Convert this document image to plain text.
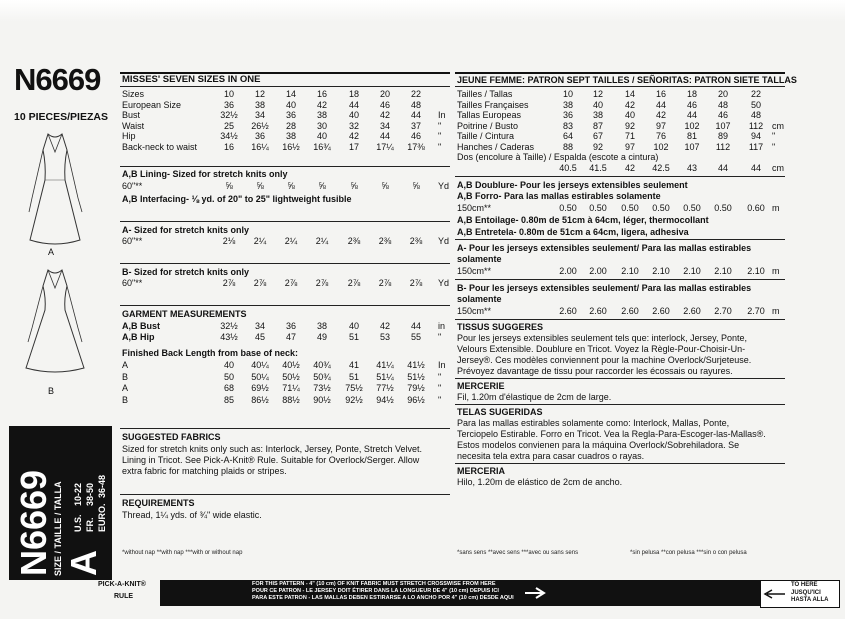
N6669
10 PIECES/PIEZAS
A
B
MISSES' SEVEN SIZES IN ONE
Sizes	10 12 14 16 18 20 22
European Size	36 38 40 42 44 46 48
Bust	32½ 34 36 38 40 42 44 In
Waist	25 26½ 28 30 32 34 37 "
Hip	34½ 36 38 40 42 44 46 "
Back-neck to waist	16 16¼ 16½ 16¾ 17 17¼ 17⅜ "
A,B Lining- Sized for stretch knits only
60"**	⅝	⅝	⅝	⅝	⅝	⅝	⅝ Yd
A,B Interfacing- ⅛ yd. of 20" to 25" lightweight fusible
A- Sized for stretch knits only
60"**	2⅛ 2¼ 2¼ 2¼ 2⅜ 2⅜ 2⅜ Yd
B- Sized for stretch knits only
60"**	2⅞ 2⅞ 2⅞ 2⅞ 2⅞ 2⅞ 2⅞ Yd
GARMENT MEASUREMENTS
A,B Bust	32½ 34 36 38 40 42 44 in
A,B Hip	43½ 45 47 49 51 53 55 "
Finished Back Length from base of neck:
A	40 40¼ 40½ 40¾ 41 41¼ 41½ In
B	50 50¼ 50½ 50¾ 51 51¼ 51½ "
A	68 69½ 71¼ 73½ 75½ 77½ 79½ "
B	85 86½ 88½ 90½ 92½ 94½ 96½ "
SUGGESTED FABRICS
Sized for stretch knits only such as: Interlock, Jersey, Ponte, Stretch Velvet.
Lining in Tricot. See Pick-A-Knit® Rule. Suitable for Overlock/Serger. Allow
extra fabric for matching plaids or stripes.
REQUIREMENTS
Thread, 1¼ yds. of ¾" wide elastic.
JEUNE FEMME: PATRON SEPT TAILLES / SEÑORITAS: PATRON SIETE TALLAS
Tailles / Tallas	10 12 14 16 18 20	22
Tailles Françaises	38 40 42 44 46 48	50
Tallas Europeas	36 38 40 42 44 46	48
Poitrine / Busto	83 87 92 97 102 107 112 cm
Taille / Cintura	64 67 71 76 81 89	94 "
Hanches / Caderas	88 92 97 102 107 112 117 "
Dos (encolure à Taille) / Espalda (escote a cintura)
40.5 41.5 42 42.5 43 44	44 cm
A,B Doublure- Pour les jerseys extensibles seulement
A,B Forro- Para las mallas estirables solamente
150cm**	0.50 0.50 0.50 0.50 0.50 0.50 0.60 m
A,B Entoilage- 0.80m de 51cm à 64cm, léger, thermocollant
A,B Entretela- 0.80m de 51cm a 64cm, ligera, adhesiva
A- Pour les jerseys extensibles seulement/ Para las mallas estirables
solamente
150cm**	2.00 2.00 2.10 2.10 2.10 2.10 2.10 m
B- Pour les jerseys extensibles seulement/ Para las mallas estirables
solamente
150cm**	2.60 2.60 2.60 2.60 2.60 2.70 2.70 m
TISSUS SUGGERES
Pour les jerseys extensibles seulement tels que: interlock, Jersey, Ponte,
Velours Extensible. Doublure en Tricot. Voyez la Règle-Pour-Choisir-Un-
Jersey®. Ces modèles conviennent pour la machine Overlock/Surjeteuse.
Prévoyez davantage de tissu pour raccorder les écossais ou rayures.
MERCERIE
Fil, 1.20m d'élastique de 2cm de large.
TELAS SUGERIDAS
Para las mallas estirables solamente como: Interlock, Mallas, Ponte,
Terciopelo Estirable. Forro en Tricot. Vea la Regla-Para-Escoger-las-Mallas®.
Estos modelos convienen para la máquina Overlock/Sobrehiladora. Se
necesita tela extra para casar cuadros o rayas.
MERCERIA
Hilo, 1.20m de elástico de 2cm de ancho.
N6669 SIZE / TAILLE / TALLA A
U.S.
10-22
FR.
38-50
EURO.
36-48
*without nap **with nap ***with or without nap	*sans sens **avec sens ***avec ou sans sens	*sin pelusa **con pelusa ***sin o con pelusa
PICK-A-KNIT®
RULE
FOR THIS PATTERN - 4" (10 cm) OF KNIT FABRIC MUST STRETCH CROSSWISE FROM HERE
POUR CE PATRON - LE JERSEY DOIT ÉTIRER DANS LA LONGUEUR DE 4" (10 cm) DEPUIS ICI
PARA ESTE PATRON - LAS MALLAS DEBEN ESTIRARSE A LO ANCHO POR 4" (10 cm) DESDE AQUI
TO HERE
JUSQU'ICI
HASTA ALLA
